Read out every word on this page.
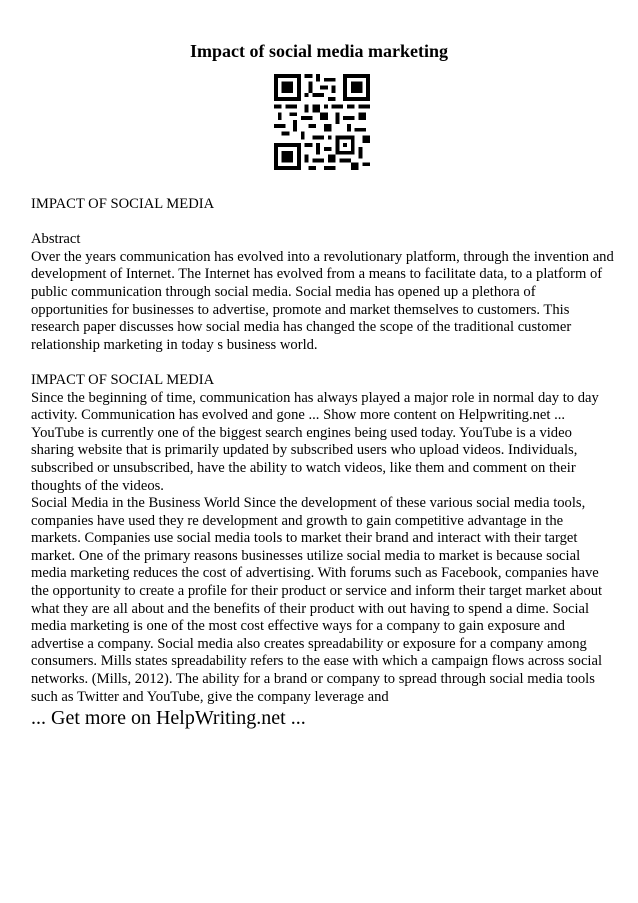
Impact of social media marketing

IMPACT OF SOCIAL MEDIA

Abstract

Over the years communication has evolved into a revolutionary platform, through the invention and development of Internet. The Internet has evolved from a means to facilitate data, to a platform of public communication through social media. Social media has opened up a plethora of opportunities for businesses to advertise, promote and market themselves to customers. This research paper discusses how social media has changed the scope of the traditional customer relationship marketing in today s business world.

IMPACT OF SOCIAL MEDIA

Since the beginning of time, communication has always played a major role in normal day to day activity. Communication has evolved and gone ... Show more content on Helpwriting.net ... YouTube is currently one of the biggest search engines being used today. YouTube is a video sharing website that is primarily updated by subscribed users who upload videos. Individuals, subscribed or unsubscribed, have the ability to watch videos, like them and comment on their thoughts of the videos.

Social Media in the Business World Since the development of these various social media tools, companies have used they re development and growth to gain competitive advantage in the markets. Companies use social media tools to market their brand and interact with their target market. One of the primary reasons businesses utilize social media to market is because social media marketing reduces the cost of advertising. With forums such as Facebook, companies have the opportunity to create a profile for their product or service and inform their target market about what they are all about and the benefits of their product with out having to spend a dime. Social media marketing is one of the most cost effective ways for a company to gain exposure and advertise a company. Social media also creates spreadability or exposure for a company among consumers. Mills states spreadability refers to the ease with which a campaign flows across social networks. (Mills, 2012). The ability for a brand or company to spread through social media tools such as Twitter and YouTube, give the company leverage and

... Get more on HelpWriting.net ...
